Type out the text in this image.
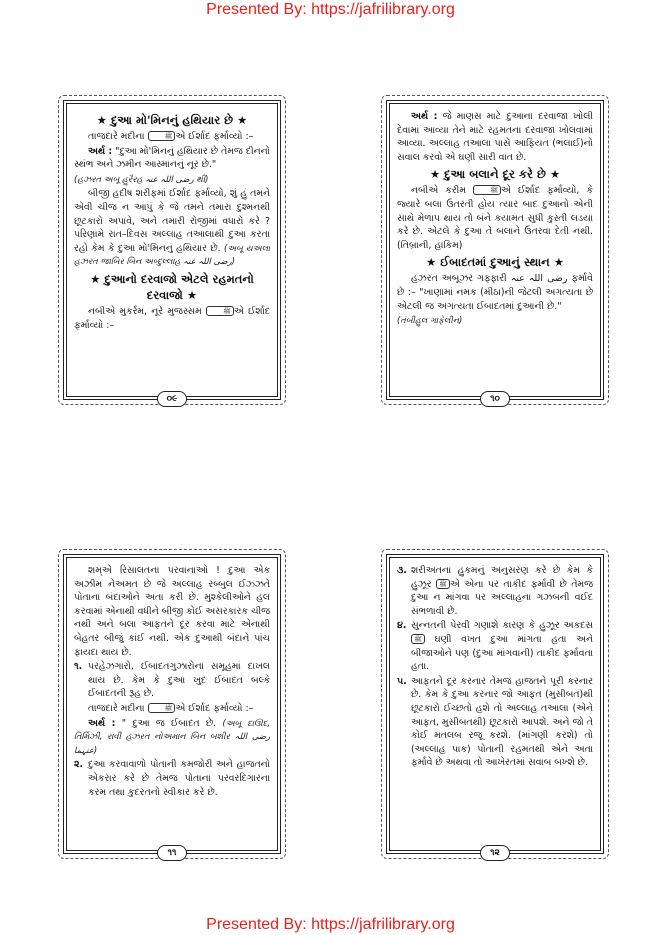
Presented By: https://jafrilibrary.org
★ દુઆ મો'મિનનું હથિયાર છે ★

તાજદારે મદીના	ﷺ એ ઈર્શાદ ફર્માવ્યો :–

અર્થ : "દુઆ મો'મિનનું હથિયાર છે તેમજ દીનનો સ્થંભ અને ઝમીન આસ્માનનું નૂર છે."

(હઝરત અબૂ હુરૈરહ رضی اللہ عنہ થી)

બીજી હદીષ શરીફમાં ઈર્શાદ ફર્માવ્યો, શું હું તમને એવી ચીજ ન આપું કે જે તમને તમારા દુશ્મનથી છૂટકારો અપાવે, અને તમારી રોજીમાં વધારો કરે ? પરિણામે રાત–દિવસ અલ્લાહ તઆલાથી દુઆ કરતા રહો કેમ કે દુઆ મો'મિનનું હથિયાર છે. (અબૂ યઅલા હઝરત જાબિર બિન અબ્દુલ્લાહ رضی اللہ عنہ)

★ દુઆનો દરવાજો એટલે રહમતનો દરવાજો ★

નબીએ મુકર્રમ, નૂરે મુજસ્સમ	ﷺ એ ઈર્શાદ ફર્માવ્યો :–

૦૯

અર્થ : જે માણસ માટે દુઆના દરવાજા ખોલી દેવામાં આવ્યા તેને માટે રહમતના દરવાજા ખોલવામાં આવ્યા. અલ્લાહ તઆલા પાસે આફિયત (ભલાઈ)નો સવાલ કરવો એ ઘણી સારી વાત છે.

★ દુઆ બલાને દૂર કરે છે ★

નબીએ કરીમ	ﷺ એ ઈર્શાદ ફર્માવ્યો, કે જ્યારે બલા ઉતરતી હોય ત્યાર બાદ દુઆનો એની સાથે મેળાપ થાય તો બંને કયામત સુધી કુસ્તી લડયા કરે છે. એટલે કે દુઆ તે બલાને ઉતરવા દેતી નથી. (તિબ્રાની, હાકિમ)

★ ઈબાદતમાં દુઆનું સ્થાન ★

હઝરત અબૂઝર ગફ્ફારી رضی اللہ عنہ ફર્માવે છે :– "ખાણામાં નમક (મીઠા)ની જેટલી અગત્યતા છે એટલી જ અગત્યતા ઈબાદતમાં દુઆની છે."

(તંબીહુલ ગાફેલીન)

૧૦

શમ્એ રિસાલતના પરવાનાઓ ! દુઆ એક અઝીમ નેઅમત છે જે અલ્લાહ રબ્બુલ ઈઝ્ઝતે પોતાના બંદાઓને અતા કરી છે. મુશ્કેલીઓને હલ કરવામાં એનાથી વધીને બીજી કોઈ અસરકારક ચીજ નથી અને બલા આફતને દૂર કરવા માટે એનાથી બેહતર બીજું કાંઈ નથી. એક દુઆથી બંદાને પાંચ ફાયદા થાય છે.

૧. પરહેઝગારો, ઈબાદતગુઝારોના સમૂહમાં દાખલ થાય છે. કેમ કે દુઆ ખુદ ઈબાદત બલ્કે ઈબાદતની રૂહ છે.

તાજદારે મદીના	ﷺ એ ઈર્શાદ ફર્માવ્યો :–

અર્થ : " દુઆ જ ઈબાદત છે. (અબૂ દાઊદ, તિર્મિઝી, રાવી હઝરત નોઅમાન બિન બશીર رضی اللہ عنہما)

૨. દુઆ કરવાવાળો પોતાની કમજોરી અને હાજતનો એકરાર કરે છે તેમજ પોતાના પરવરદિગારના કરમ તથા કુદરતનો સ્વીકાર કરે છે.
૧૧
૩. શરીઅતના હુકમનું અનુસરણ કરે છે કેમ કે હુઝૂર ﷺ એ એના પર તાકીદ ફર્માવી છે તેમજ દુઆ ન માંગવા પર અલ્લાહના ગઝબની વઈદ સંભળાવી છે.
૪. સુન્નતની પેરવી ગણાશે કારણ કે હુઝૂર અકદસ ﷺ ઘણી વખત દુઆ માંગતા હતા અને બીજાઓને પણ (દુઆ માંગવાની) તાકીદ ફર્માવતા હતા.
૫. આફતને દૂર કરનાર તેમજ હાજતને પૂરી કરનાર છે. કેમ કે દુઆ કરનાર જો આફત (મુસીબત)થી છૂટકારો ઈચ્છતો હશે તો અલ્લાહ તઆલા (એને આફત, મુસીબતથી) છૂટકારો આપશે. અને જો તે કોઈ મતલબ રજૂ કરશે. (માંગણી કરશે) તો (અલ્લાહ પાક) પોતાની રહમતથી એને અતા ફર્માવે છે અથવા તો આખેરતમાં સવાબ બખ્શે છે.
૧૨
Presented By: https://jafrilibrary.org
